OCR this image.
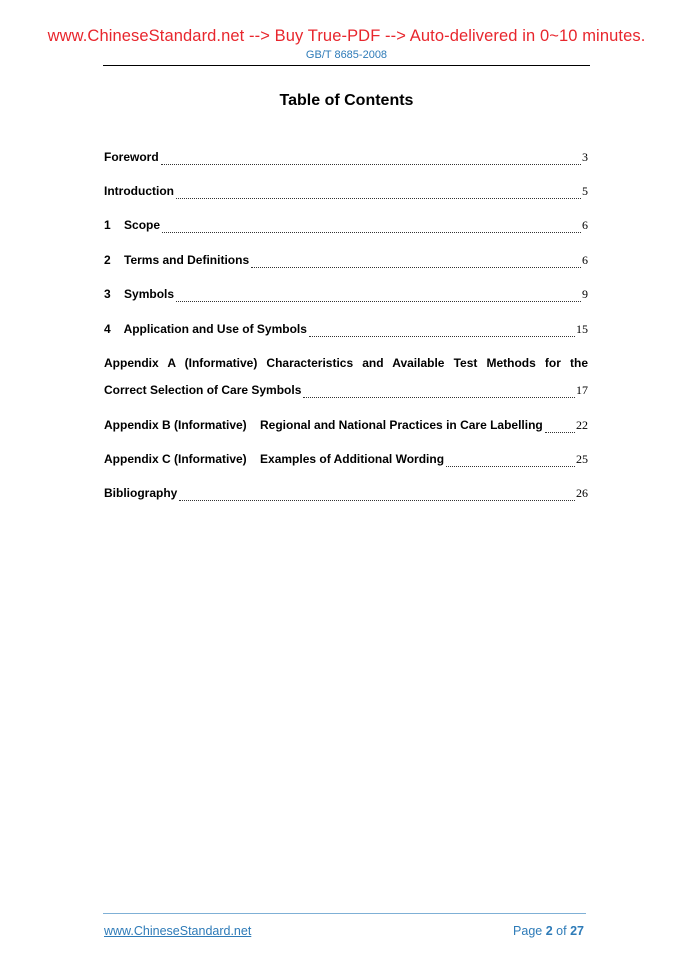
www.ChineseStandard.net --> Buy True-PDF --> Auto-delivered in 0~10 minutes.
GB/T 8685-2008
Table of Contents
Foreword	3
Introduction	5
1    Scope	6
2    Terms and Definitions	6
3    Symbols	9
4    Application and Use of Symbols	15
Appendix A (Informative) Characteristics and Available Test Methods for the
Correct Selection of Care Symbols	17
Appendix B (Informative)    Regional and National Practices in Care Labelling	22
Appendix C (Informative)    Examples of Additional Wording	25
Bibliography	26
www.ChineseStandard.net	Page 2 of 27
